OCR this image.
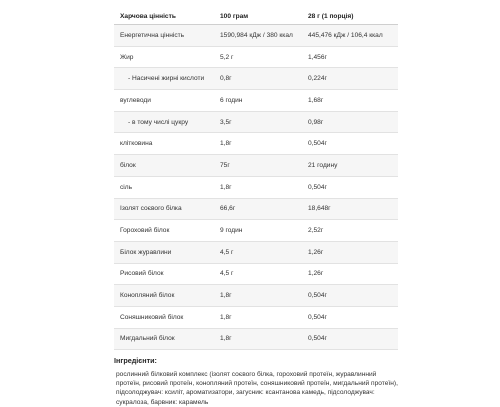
Харчова цінність	100 грам	28 г (1 порція)
Енергетична цінність	1590,984 кДж / 380 ккал	445,476 кДж / 106,4 ккал
Жир	5,2 г	1,456г
- Насичені жирні кислоти	0,8г	0,224г
вуглеводи	6 годин	1,68г
- в тому числі цукру	3,5г	0,98г
клітковина	1,8г	0,504г
білок	75г	21 годину
сіль	1,8г	0,504г
Ізолят соєвого білка	66,6г	18,648г
Гороховий білок	9 годин	2,52г
Білок журавлини	4,5 г	1,26г
Рисовий білок	4,5 г	1,26г
Конопляний білок	1,8г	0,504г
Соняшниковий білок	1,8г	0,504г
Мигдальний білок	1,8г	0,504г
Інгредієнти:
рослинний білковий комплекс (ізолят соєвого білка, гороховий протеїн, журавлинний протеїн, рисовий протеїн, конопляний протеїн, соняшниковий протеїн, мигдальний протеїн), підсолоджувач: ксиліт, ароматизатори, загусник: ксантанова камедь, підсолоджувач: сукралоза, барвник: карамель
